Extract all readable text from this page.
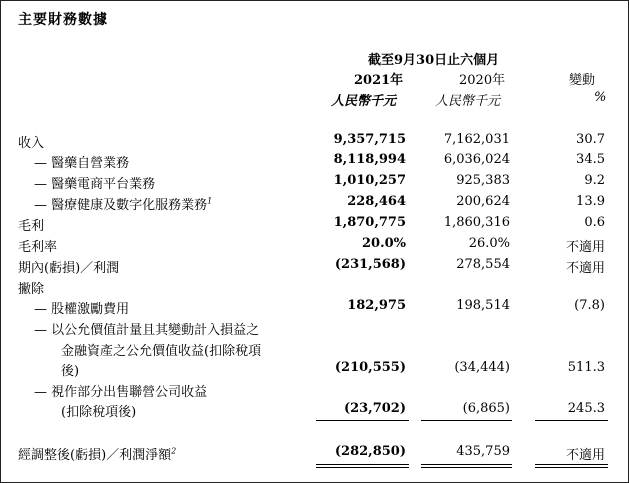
主要財務數據
截至9月30日止六個月
2021年	2020年	變動
人民幣千元	人民幣千元	%
收入	9,357,715	7,162,031	30.7
— 醫藥自營業務	8,118,994	6,036,024	34.5
— 醫藥電商平台業務	1,010,257	925,383	9.2
— 醫療健康及數字化服務業務$^1$	228,464	200,624	13.9
毛利	1,870,775	1,860,316	0.6
毛利率	20.0%	26.0%	不適用
期內(虧損)／利潤	(231,568)	278,554	不適用
撇除
— 股權激勵費用	182,975	198,514	(7.8)
— 以公允價值計量且其變動計入損益之
金融資產之公允價值收益(扣除稅項
後)	(210,555)	(34,444)	511.3
— 視作部分出售聯營公司收益
(扣除稅項後)	(23,702)	(6,865)	245.3
經調整後(虧損)／利潤淨額$^2$	(282,850)	435,759	不適用
